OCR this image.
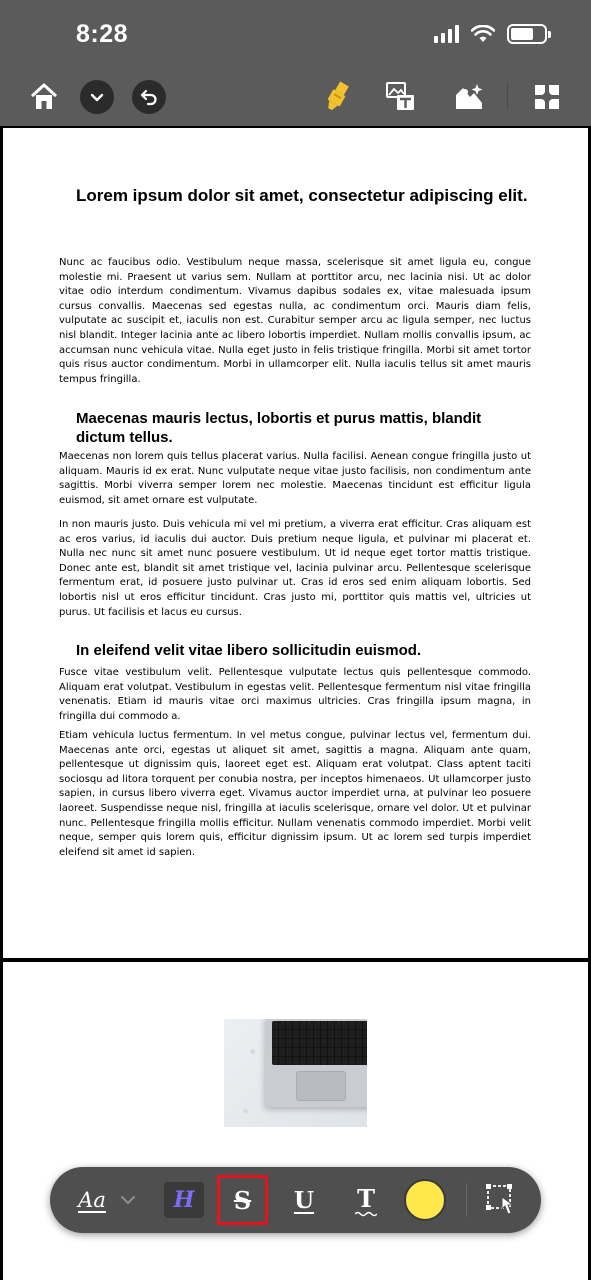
8:28
Lorem ipsum dolor sit amet, consectetur adipiscing elit.
Nunc ac faucibus odio. Vestibulum neque massa, scelerisque sit amet ligula eu, congue molestie mi. Praesent ut varius sem. Nullam at porttitor arcu, nec lacinia nisi. Ut ac dolor vitae odio interdum condimentum. Vivamus dapibus sodales ex, vitae malesuada ipsum cursus convallis. Maecenas sed egestas nulla, ac condimentum orci. Mauris diam felis, vulputate ac suscipit et, iaculis non est. Curabitur semper arcu ac ligula semper, nec luctus nisl blandit. Integer lacinia ante ac libero lobortis imperdiet. Nullam mollis convallis ipsum, ac accumsan nunc vehicula vitae. Nulla eget justo in felis tristique fringilla. Morbi sit amet tortor quis risus auctor condimentum. Morbi in ullamcorper elit. Nulla iaculis tellus sit amet mauris tempus fringilla.
Maecenas mauris lectus, lobortis et purus mattis, blandit dictum tellus.
Maecenas non lorem quis tellus placerat varius. Nulla facilisi. Aenean congue fringilla justo ut aliquam. Mauris id ex erat. Nunc vulputate neque vitae justo facilisis, non condimentum ante sagittis. Morbi viverra semper lorem nec molestie. Maecenas tincidunt est efficitur ligula euismod, sit amet ornare est vulputate.
In non mauris justo. Duis vehicula mi vel mi pretium, a viverra erat efficitur. Cras aliquam est ac eros varius, id iaculis dui auctor. Duis pretium neque ligula, et pulvinar mi placerat et. Nulla nec nunc sit amet nunc posuere vestibulum. Ut id neque eget tortor mattis tristique. Donec ante est, blandit sit amet tristique vel, lacinia pulvinar arcu. Pellentesque scelerisque fermentum erat, id posuere justo pulvinar ut. Cras id eros sed enim aliquam lobortis. Sed lobortis nisl ut eros efficitur tincidunt. Cras justo mi, porttitor quis mattis vel, ultricies ut purus. Ut facilisis et lacus eu cursus.
In eleifend velit vitae libero sollicitudin euismod.
Fusce vitae vestibulum velit. Pellentesque vulputate lectus quis pellentesque commodo. Aliquam erat volutpat. Vestibulum in egestas velit. Pellentesque fermentum nisl vitae fringilla venenatis. Etiam id mauris vitae orci maximus ultricies. Cras fringilla ipsum magna, in fringilla dui commodo a.
Etiam vehicula luctus fermentum. In vel metus congue, pulvinar lectus vel, fermentum dui. Maecenas ante orci, egestas ut aliquet sit amet, sagittis a magna. Aliquam ante quam, pellentesque ut dignissim quis, laoreet eget est. Aliquam erat volutpat. Class aptent taciti sociosqu ad litora torquent per conubia nostra, per inceptos himenaeos. Ut ullamcorper justo sapien, in cursus libero viverra eget. Vivamus auctor imperdiet urna, at pulvinar leo posuere laoreet. Suspendisse neque nisl, fringilla at iaculis scelerisque, ornare vel dolor. Ut et pulvinar nunc. Pellentesque fringilla mollis efficitur. Nullam venenatis commodo imperdiet. Morbi velit neque, semper quis lorem quis, efficitur dignissim ipsum. Ut ac lorem sed turpis imperdiet eleifend sit amet id sapien.
Aa	H	S	U	T
